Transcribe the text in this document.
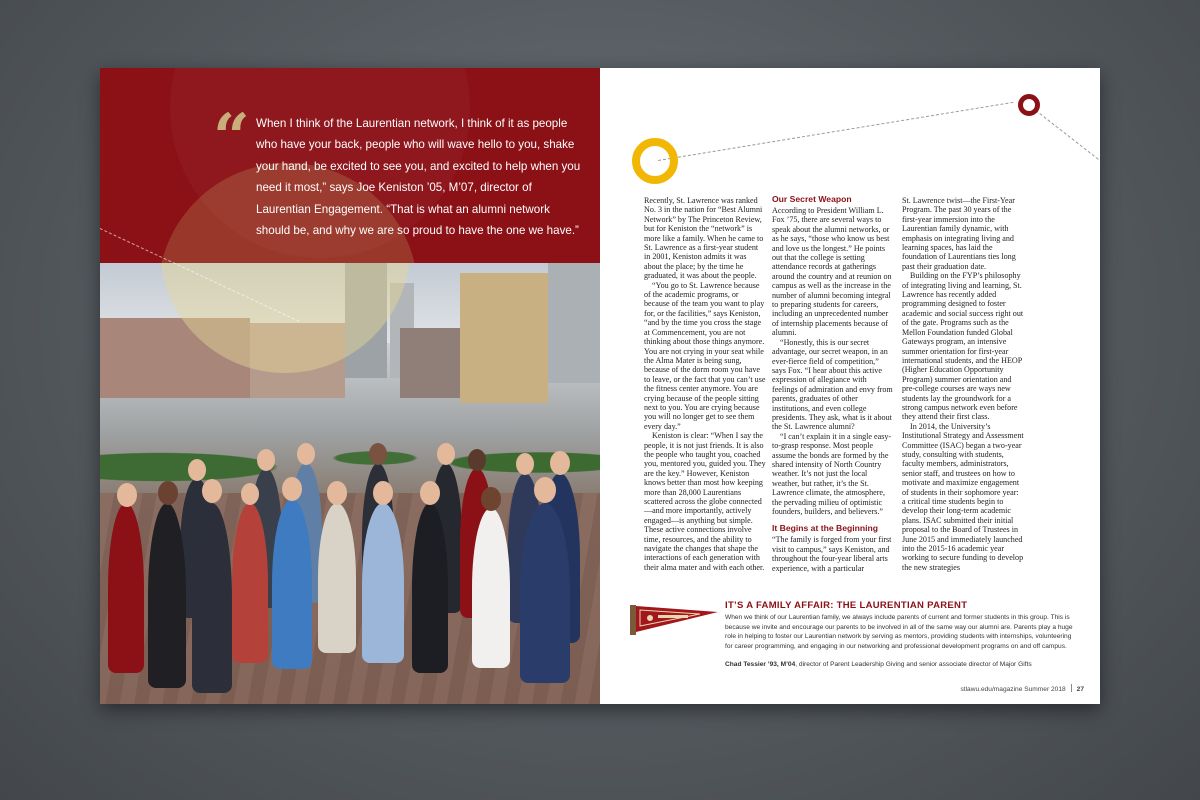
“ When I think of the Laurentian network, I think of it as people who have your back, people who will wave hello to you, shake your hand, be excited to see you, and excited to help when you need it most,” says Joe Keniston ’05, M’07, director of Laurentian Engagement. “That is what an alumni network should be, and why we are so proud to have the one we have.”

Recently, St. Lawrence was ranked No. 3 in the nation for “Best Alumni Network” by The Princeton Review, but for Keniston the “network” is more like a family. When he came to St. Lawrence as a first-year student in 2001, Keniston admits it was about the place; by the time he graduated, it was about the people.

“You go to St. Lawrence because of the academic programs, or because of the team you want to play for, or the facilities,” says Keniston, “and by the time you cross the stage at Commencement, you are not thinking about those things anymore. You are not crying in your seat while the Alma Mater is being sung, because of the dorm room you have to leave, or the fact that you can’t use the fitness center anymore. You are crying because of the people sitting next to you. You are crying because you will no longer get to see them every day.”

Keniston is clear: “When I say the people, it is not just friends. It is also the people who taught you, coached you, mentored you, guided you. They are the key.” However, Keniston knows better than most how keeping more than 28,000 Laurentians scattered across the globe connected—and more importantly, actively engaged—is anything but simple. These active connections involve time, resources, and the ability to navigate the changes that shape the interactions of each generation with their alma mater and with each other.

Our Secret Weapon

According to President William L. Fox ’75, there are several ways to speak about the alumni networks, or as he says, “those who know us best and love us the longest.” He points out that the college is setting attendance records at gatherings around the country and at reunion on campus as well as the increase in the number of alumni becoming integral to preparing students for careers, including an unprecedented number of internship placements because of alumni.

“Honestly, this is our secret advantage, our secret weapon, in an ever-fierce field of competition,” says Fox. “I hear about this active expression of allegiance with feelings of admiration and envy from parents, graduates of other institutions, and even college presidents. They ask, what is it about the St. Lawrence alumni?

“I can’t explain it in a single easy-to-grasp response. Most people assume the bonds are formed by the shared intensity of North Country weather. It’s not just the local weather, but rather, it’s the St. Lawrence climate, the atmosphere, the pervading milieu of optimistic founders, builders, and believers.”

It Begins at the Beginning

“The family is forged from your first visit to campus,” says Keniston, and throughout the four-year liberal arts experience, with a particular

St. Lawrence twist—the First-Year Program. The past 30 years of the first-year immersion into the Laurentian family dynamic, with emphasis on integrating living and learning spaces, has laid the foundation of Laurentians ties long past their graduation date.

Building on the FYP’s philosophy of integrating living and learning, St. Lawrence has recently added programming designed to foster academic and social success right out of the gate. Programs such as the Mellon Foundation funded Global Gateways program, an intensive summer orientation for first-year international students, and the HEOP (Higher Education Opportunity Program) summer orientation and pre-college courses are ways new students lay the groundwork for a strong campus network even before they attend their first class.

In 2014, the University’s Institutional Strategy and Assessment Committee (ISAC) began a two-year study, consulting with students, faculty members, administrators, senior staff, and trustees on how to motivate and maximize engagement of students in their sophomore year: a critical time students begin to develop their long-term academic plans. ISAC submitted their initial proposal to the Board of Trustees in June 2015 and immediately launched into the 2015-16 academic year working to secure funding to develop the new strategies

IT’S A FAMILY AFFAIR: THE LAURENTIAN PARENT
When we think of our Laurentian family, we always include parents of current and former students in this group. This is because we invite and encourage our parents to be involved in all of the same way our alumni are. Parents play a huge role in helping to foster our Laurentian network by serving as mentors, providing students with internships, volunteering for career programming, and engaging in our networking and professional development programs on and off campus.
Chad Tessier ’93, M’04, director of Parent Leadership Giving and senior associate director of Major Gifts
stlawu.edu/magazine Summer 2018 27
